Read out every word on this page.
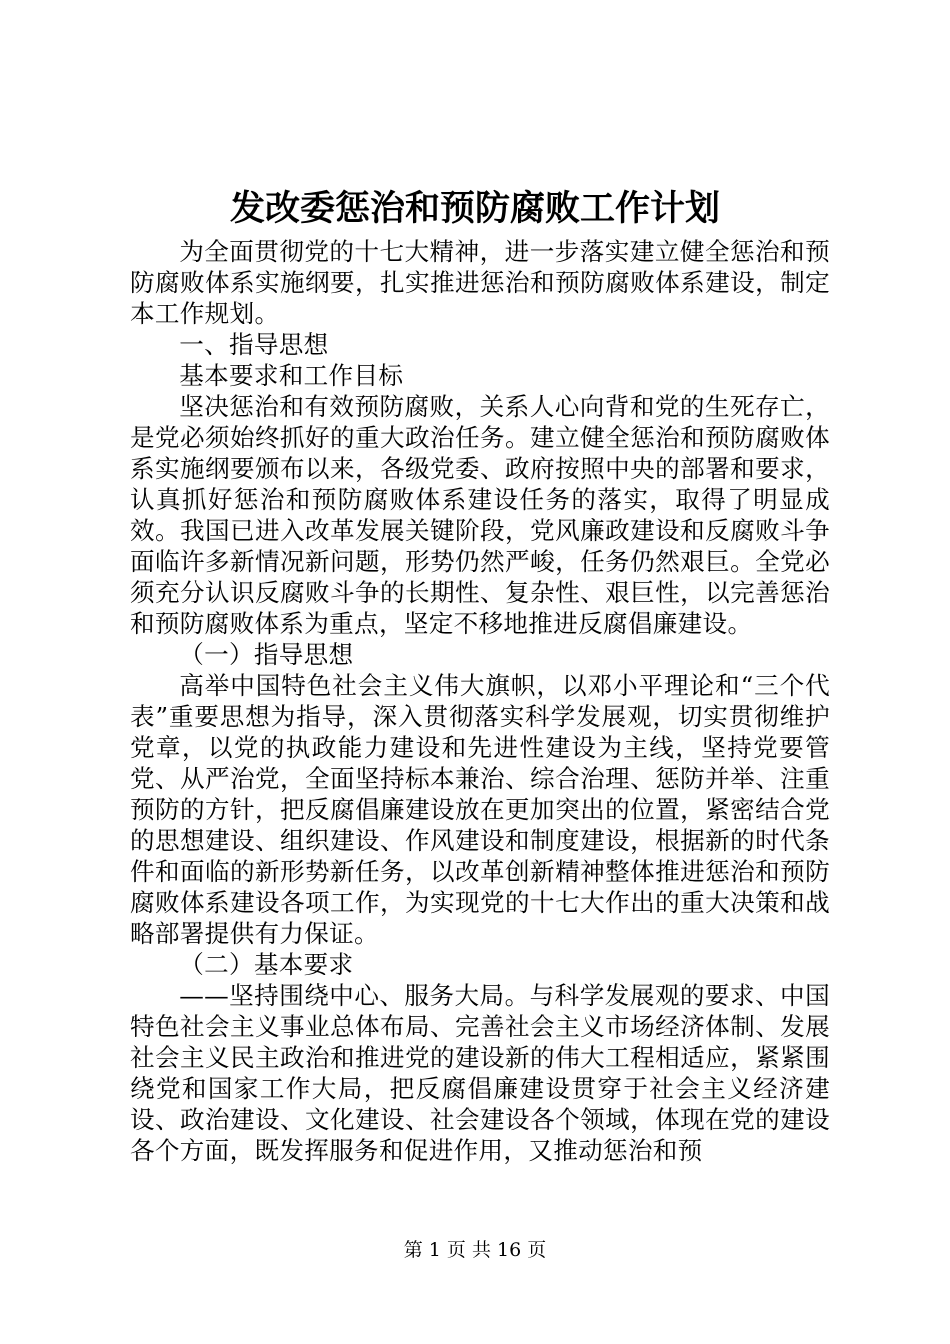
发改委惩治和预防腐败工作计划

为全面贯彻党的十七大精神，进一步落实建立健全惩治和预防腐败体系实施纲要，扎实推进惩治和预防腐败体系建设，制定本工作规划。

一、指导思想

基本要求和工作目标

坚决惩治和有效预防腐败，关系人心向背和党的生死存亡，是党必须始终抓好的重大政治任务。建立健全惩治和预防腐败体系实施纲要颁布以来，各级党委、政府按照中央的部署和要求，认真抓好惩治和预防腐败体系建设任务的落实，取得了明显成效。我国已进入改革发展关键阶段，党风廉政建设和反腐败斗争面临许多新情况新问题，形势仍然严峻，任务仍然艰巨。全党必须充分认识反腐败斗争的长期性、复杂性、艰巨性，以完善惩治和预防腐败体系为重点，坚定不移地推进反腐倡廉建设。

（一）指导思想

高举中国特色社会主义伟大旗帜，以邓小平理论和“三个代表”重要思想为指导，深入贯彻落实科学发展观，切实贯彻维护党章，以党的执政能力建设和先进性建设为主线，坚持党要管党、从严治党，全面坚持标本兼治、综合治理、惩防并举、注重预防的方针，把反腐倡廉建设放在更加突出的位置，紧密结合党的思想建设、组织建设、作风建设和制度建设，根据新的时代条件和面临的新形势新任务，以改革创新精神整体推进惩治和预防腐败体系建设各项工作，为实现党的十七大作出的重大决策和战略部署提供有力保证。

（二）基本要求

——坚持围绕中心、服务大局。与科学发展观的要求、中国特色社会主义事业总体布局、完善社会主义市场经济体制、发展社会主义民主政治和推进党的建设新的伟大工程相适应，紧紧围绕党和国家工作大局，把反腐倡廉建设贯穿于社会主义经济建设、政治建设、文化建设、社会建设各个领域，体现在党的建设各个方面，既发挥服务和促进作用，又推动惩治和预

第 1 页 共 16 页
